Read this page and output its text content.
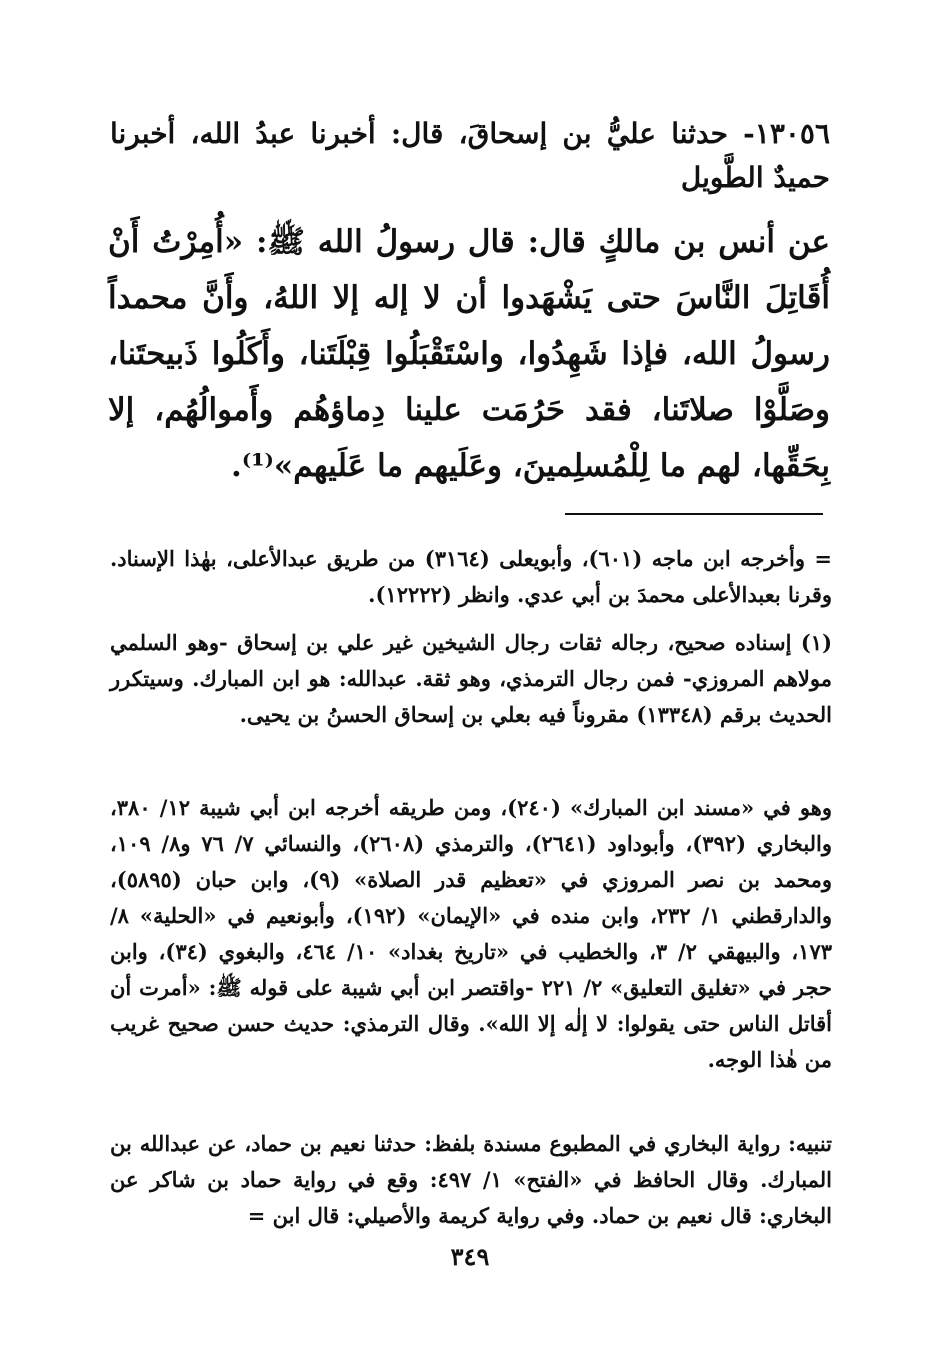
١٣٠٥٦- حدثنا عليُّ بن إسحاقَ، قال: أخبرنا عبدُ الله، أخبرنا حميدٌ الطَّويل
عن أنس بن مالكٍ قال: قال رسولُ الله ﷺ: «أُمِرْتُ أَنْ أُقَاتِلَ النَّاسَ حتى يَشْهَدوا أن لا إله إلا اللهُ، وأَنَّ محمداً رسولُ الله، فإذا شَهِدُوا، واسْتَقْبَلُوا قِبْلَتَنا، وأَكَلُوا ذَبيحتَنا، وصَلَّوْا صلاتَنا، فقد حَرُمَت علينا دِماؤهُم وأَموالُهُم، إلا بِحَقِّها، لهم ما لِلْمُسلِمينَ، وعَلَيهم ما عَلَيهم»⁽¹⁾.

= وأخرجه ابن ماجه (٦٠١)، وأبويعلى (٣١٦٤) من طريق عبدالأعلى، بهٰذا الإسناد. وقرنا بعبدالأعلى محمدَ بن أبي عدي. وانظر (١٢٢٢٢).

(١) إسناده صحيح، رجاله ثقات رجال الشيخين غير علي بن إسحاق -وهو السلمي مولاهم المروزي- فمن رجال الترمذي، وهو ثقة. عبدالله: هو ابن المبارك. وسيتكرر الحديث برقم (١٣٣٤٨) مقروناً فيه بعلي بن إسحاق الحسنُ بن يحيى.

وهو في «مسند ابن المبارك» (٢٤٠)، ومن طريقه أخرجه ابن أبي شيبة ١٢/ ٣٨٠، والبخاري (٣٩٢)، وأبوداود (٢٦٤١)، والترمذي (٢٦٠٨)، والنسائي ٧/ ٧٦ و٨/ ١٠٩، ومحمد بن نصر المروزي في «تعظيم قدر الصلاة» (٩)، وابن حبان (٥٨٩٥)، والدارقطني ١/ ٢٣٢، وابن منده في «الإيمان» (١٩٢)، وأبونعيم في «الحلية» ٨/ ١٧٣، والبيهقي ٢/ ٣، والخطيب في «تاريخ بغداد» ١٠/ ٤٦٤، والبغوي (٣٤)، وابن حجر في «تغليق التعليق» ٢/ ٢٢١ -واقتصر ابن أبي شيبة على قوله ﷺ: «أمرت أن أقاتل الناس حتى يقولوا: لا إلٰه إلا الله». وقال الترمذي: حديث حسن صحيح غريب من هٰذا الوجه.

تنبيه: رواية البخاري في المطبوع مسندة بلفظ: حدثنا نعيم بن حماد، عن عبدالله بن المبارك. وقال الحافظ في «الفتح» ١/ ٤٩٧: وقع في رواية حماد بن شاكر عن البخاري: قال نعيم بن حماد. وفي رواية كريمة والأصيلي: قال ابن =

٣٤٩
